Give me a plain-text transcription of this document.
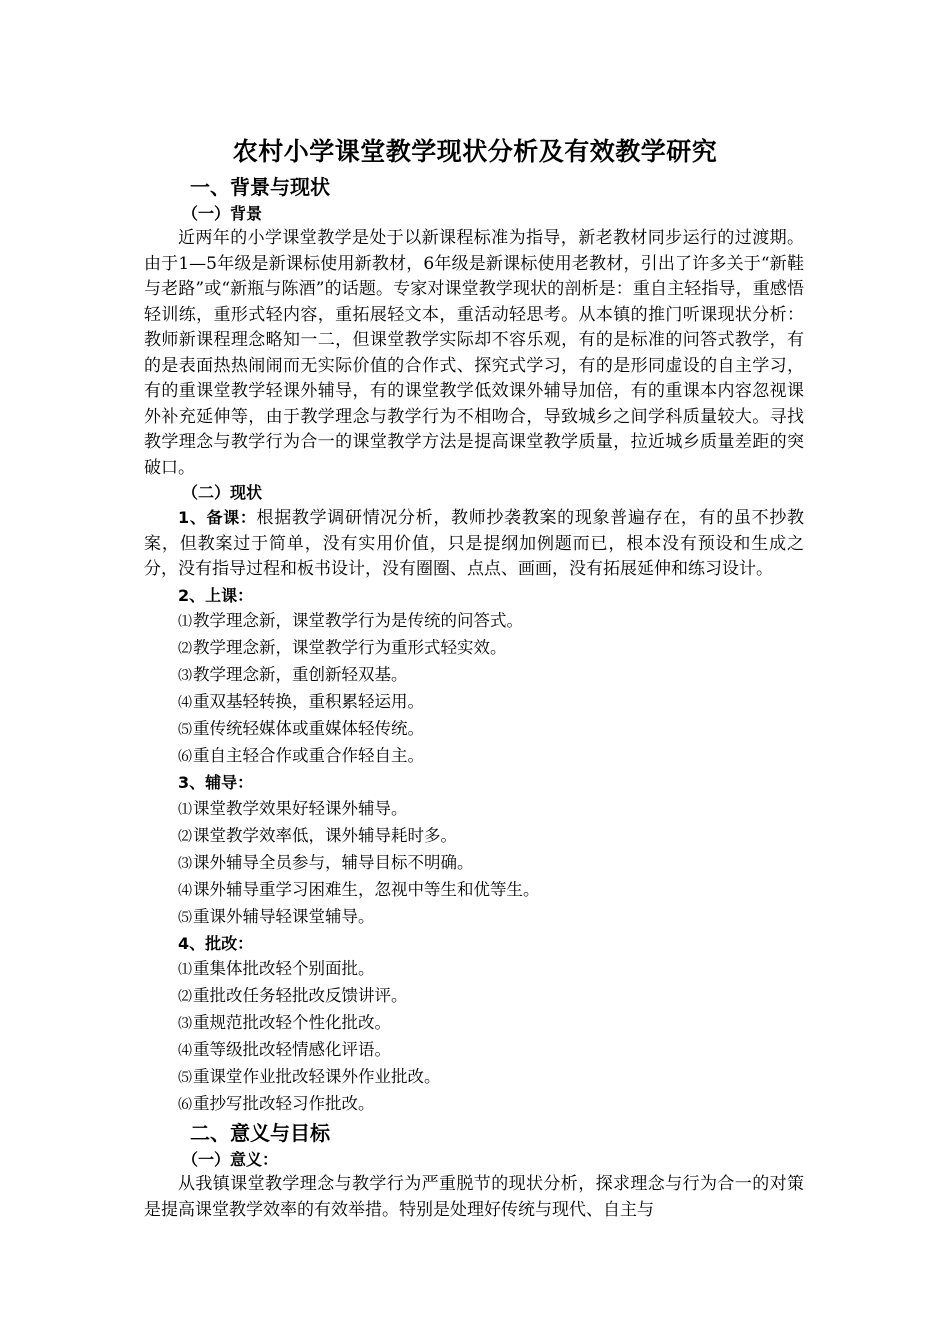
农村小学课堂教学现状分析及有效教学研究

一、背景与现状

（一）背景

近两年的小学课堂教学是处于以新课程标准为指导，新老教材同步运行的过渡期。由于1—5年级是新课标使用新教材，6年级是新课标使用老教材，引出了许多关于“新鞋与老路”或“新瓶与陈酒”的话题。专家对课堂教学现状的剖析是：重自主轻指导，重感悟轻训练，重形式轻内容，重拓展轻文本，重活动轻思考。从本镇的推门听课现状分析：教师新课程理念略知一二，但课堂教学实际却不容乐观，有的是标准的问答式教学，有的是表面热热闹闹而无实际价值的合作式、探究式学习，有的是形同虚设的自主学习，有的重课堂教学轻课外辅导，有的课堂教学低效课外辅导加倍，有的重课本内容忽视课外补充延伸等，由于教学理念与教学行为不相吻合，导致城乡之间学科质量较大。寻找教学理念与教学行为合一的课堂教学方法是提高课堂教学质量，拉近城乡质量差距的突破口。

（二）现状

1、备课：根据教学调研情况分析，教师抄袭教案的现象普遍存在，有的虽不抄教案，但教案过于简单，没有实用价值，只是提纲加例题而已，根本没有预设和生成之分，没有指导过程和板书设计，没有圈圈、点点、画画，没有拓展延伸和练习设计。

2、上课：

⑴教学理念新，课堂教学行为是传统的问答式。

⑵教学理念新，课堂教学行为重形式轻实效。

⑶教学理念新，重创新轻双基。

⑷重双基轻转换，重积累轻运用。

⑸重传统轻媒体或重媒体轻传统。

⑹重自主轻合作或重合作轻自主。

3、辅导：

⑴课堂教学效果好轻课外辅导。

⑵课堂教学效率低，课外辅导耗时多。

⑶课外辅导全员参与，辅导目标不明确。

⑷课外辅导重学习困难生，忽视中等生和优等生。

⑸重课外辅导轻课堂辅导。

4、批改：

⑴重集体批改轻个别面批。

⑵重批改任务轻批改反馈讲评。

⑶重规范批改轻个性化批改。

⑷重等级批改轻情感化评语。

⑸重课堂作业批改轻课外作业批改。

⑹重抄写批改轻习作批改。

二、意义与目标

（一）意义：

从我镇课堂教学理念与教学行为严重脱节的现状分析，探求理念与行为合一的对策是提高课堂教学效率的有效举措。特别是处理好传统与现代、自主与
